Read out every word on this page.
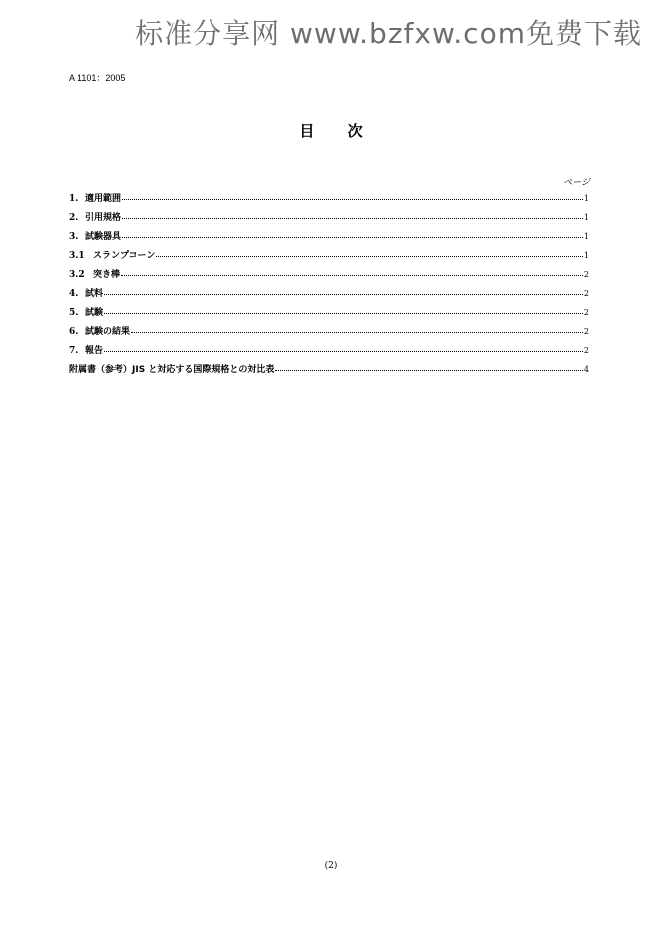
标准分享网 www.bzfxw.com免费下载
A 1101：2005
目 次
ページ
1. 適用範囲	1
2. 引用規格	1
3. 試験器具	1
3.1 スランプコーン	1
3.2 突き棒	2
4. 試料	2
5. 試験	2
6. 試験の結果	2
7. 報告	2
附属書（参考）JIS と対応する国際規格との対比表	4
(2)
